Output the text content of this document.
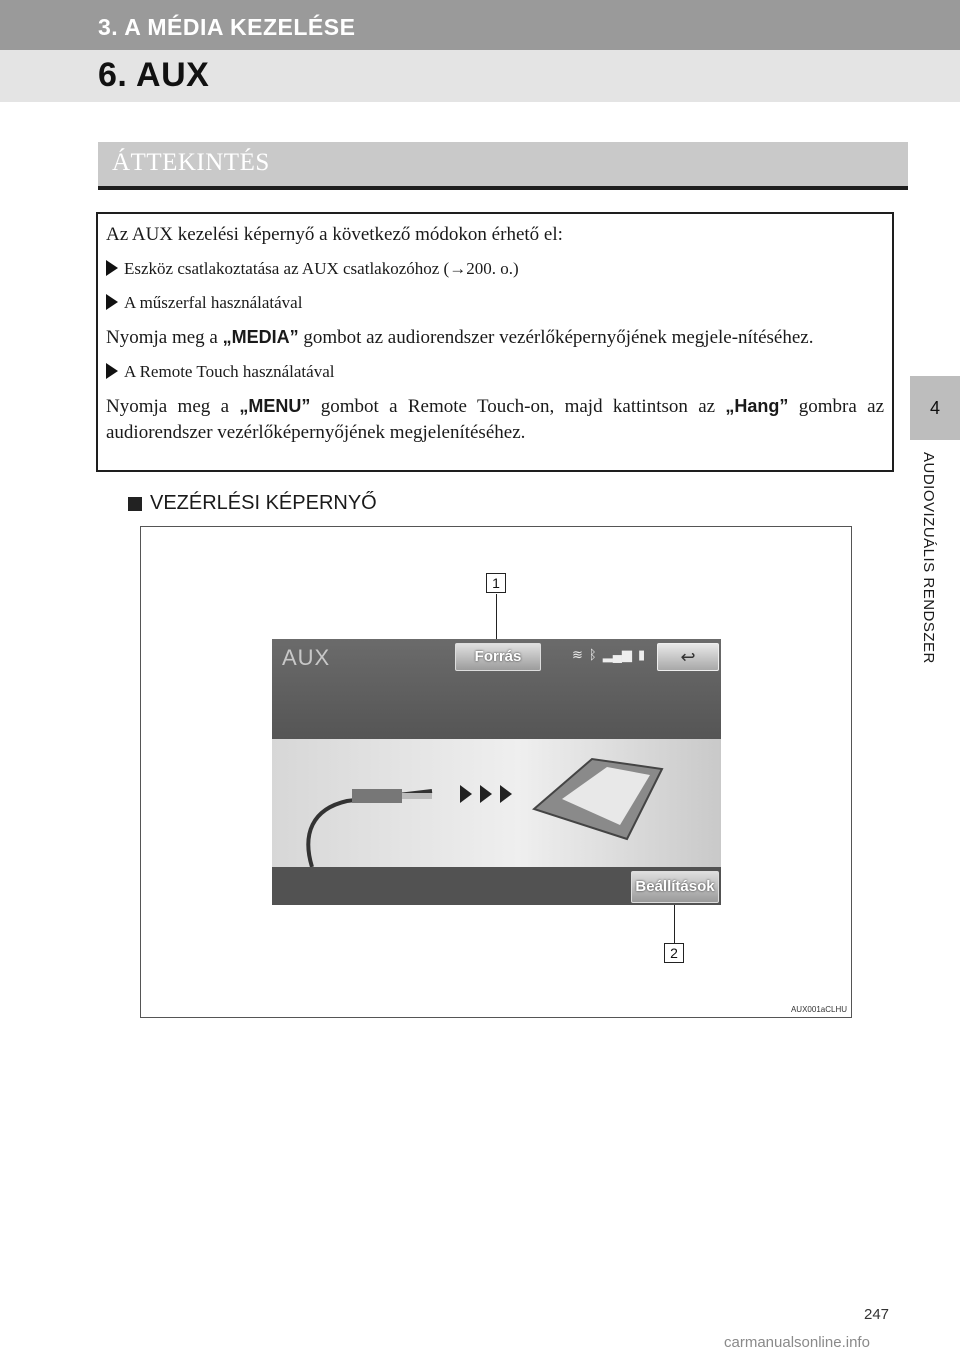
3. A MÉDIA KEZELÉSE
6. AUX
ÁTTEKINTÉS

Az AUX kezelési képernyő a következő módokon érhető el:

Eszköz csatlakoztatása az AUX csatlakozóhoz (→200. o.)

A műszerfal használatával

Nyomja meg a „MEDIA” gombot az audiorendszer vezérlőképernyőjének megjele-nítéséhez.

A Remote Touch használatával

Nyomja meg a „MENU” gombot a Remote Touch-on, majd kattintson az „Hang” gombra az audiorendszer vezérlőképernyőjének megjelenítéséhez.

VEZÉRLÉSI KÉPERNYŐ
1
AUX	Forrás	≋ ᛒ ▂▄▆ ▮	↩
Beállítások
2
AUX001aCLHU
4
AUDIOVIZUÁLIS RENDSZER
247
carmanualsonline.info
